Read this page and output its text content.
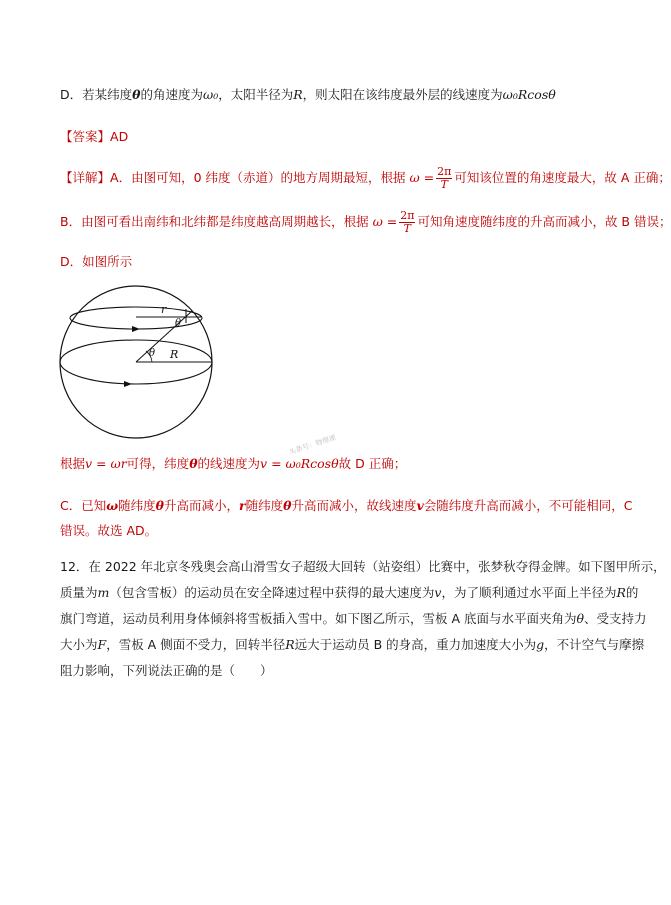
D．若某纬度θ的角速度为ω₀，太阳半径为R，则太阳在该纬度最外层的线速度为ω₀Rcosθ
【答案】AD
【详解】A．由图可知，0 纬度（赤道）的地方周期最短，根据 $\omega = \frac{2\pi}{T}$ 可知该位置的角速度最大，故 A 正确；
B．由图可看出南纬和北纬都是纬度越高周期越长，根据 $\omega = \frac{2\pi}{T}$ 可知角速度随纬度的升高而减小，故 B 错误；
D．如图所示
r
θ
θ R
头条号：物理课
根据v = ωr可得，纬度θ的线速度为v = ω₀Rcosθ故 D 正确；
C．已知ω随纬度θ升高而减小，r随纬度θ升高而减小，故线速度v会随纬度升高而减小，不可能相同，C
错误。故选 AD。
12．在 2022 年北京冬残奥会高山滑雪女子超级大回转（站姿组）比赛中，张梦秋夺得金牌。如下图甲所示，
质量为m（包含雪板）的运动员在安全降速过程中获得的最大速度为v，为了顺利通过水平面上半径为R的
旗门弯道，运动员利用身体倾斜将雪板插入雪中。如下图乙所示，雪板 A 底面与水平面夹角为θ、受支持力
大小为F，雪板 A 侧面不受力，回转半径R远大于运动员 B 的身高，重力加速度大小为g，不计空气与摩擦
阻力影响，下列说法正确的是（　　）
